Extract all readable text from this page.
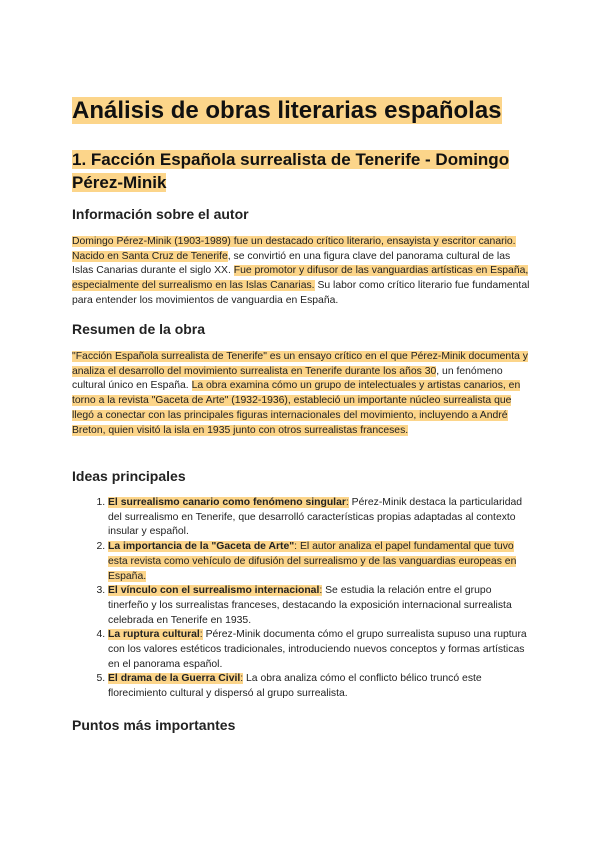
Análisis de obras literarias españolas
1. Facción Española surrealista de Tenerife - Domingo Pérez-Minik
Información sobre el autor

Domingo Pérez-Minik (1903-1989) fue un destacado crítico literario, ensayista y escritor canario. Nacido en Santa Cruz de Tenerife, se convirtió en una figura clave del panorama cultural de las Islas Canarias durante el siglo XX. Fue promotor y difusor de las vanguardias artísticas en España, especialmente del surrealismo en las Islas Canarias. Su labor como crítico literario fue fundamental para entender los movimientos de vanguardia en España.

Resumen de la obra

"Facción Española surrealista de Tenerife" es un ensayo crítico en el que Pérez-Minik documenta y analiza el desarrollo del movimiento surrealista en Tenerife durante los años 30, un fenómeno cultural único en España. La obra examina cómo un grupo de intelectuales y artistas canarios, en torno a la revista "Gaceta de Arte" (1932-1936), estableció un importante núcleo surrealista que llegó a conectar con las principales figuras internacionales del movimiento, incluyendo a André Breton, quien visitó la isla en 1935 junto con otros surrealistas franceses.

Ideas principales
1. El surrealismo canario como fenómeno singular: Pérez-Minik destaca la particularidad del surrealismo en Tenerife, que desarrolló características propias adaptadas al contexto insular y español.
2. La importancia de la "Gaceta de Arte": El autor analiza el papel fundamental que tuvo esta revista como vehículo de difusión del surrealismo y de las vanguardias europeas en España.
3. El vínculo con el surrealismo internacional: Se estudia la relación entre el grupo tinerfeño y los surrealistas franceses, destacando la exposición internacional surrealista celebrada en Tenerife en 1935.
4. La ruptura cultural: Pérez-Minik documenta cómo el grupo surrealista supuso una ruptura con los valores estéticos tradicionales, introduciendo nuevos conceptos y formas artísticas en el panorama español.
5. El drama de la Guerra Civil: La obra analiza cómo el conflicto bélico truncó este florecimiento cultural y dispersó al grupo surrealista.
Puntos más importantes
